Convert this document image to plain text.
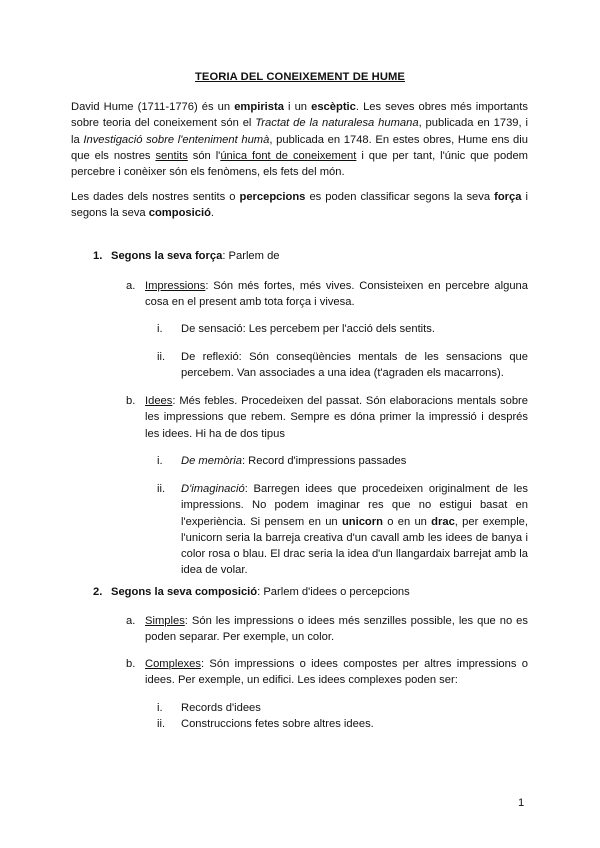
TEORIA DEL CONEIXEMENT DE HUME
David Hume (1711-1776) és un empirista i un escèptic. Les seves obres més importants sobre teoria del coneixement són el Tractat de la naturalesa humana, publicada en 1739, i la Investigació sobre l'enteniment humà, publicada en 1748. En estes obres, Hume ens diu que els nostres sentits són l'única font de coneixement i que per tant, l'únic que podem percebre i conèixer són els fenòmens, els fets del món.
Les dades dels nostres sentits o percepcions es poden classificar segons la seva força i segons la seva composició.
1. Segons la seva força: Parlem de
a. Impressions: Són més fortes, més vives. Consisteixen en percebre alguna cosa en el present amb tota força i vivesa.
i. De sensació: Les percebem per l'acció dels sentits.
ii. De reflexió: Són conseqüències mentals de les sensacions que percebem. Van associades a una idea (t'agraden els macarrons).
b. Idees: Més febles. Procedeixen del passat. Són elaboracions mentals sobre les impressions que rebem. Sempre es dóna primer la impressió i després les idees. Hi ha de dos tipus
i. De memòria: Record d'impressions passades
ii. D'imaginació: Barregen idees que procedeixen originalment de les impressions. No podem imaginar res que no estigui basat en l'experiència. Si pensem en un unicorn o en un drac, per exemple, l'unicorn seria la barreja creativa d'un cavall amb les idees de banya i color rosa o blau. El drac seria la idea d'un llangardaix barrejat amb la idea de volar.
2. Segons la seva composició: Parlem d'idees o percepcions
a. Simples: Són les impressions o idees més senzilles possible, les que no es poden separar. Per exemple, un color.
b. Complexes: Són impressions o idees compostes per altres impressions o idees. Per exemple, un edifici. Les idees complexes poden ser:
i. Records d'idees
ii. Construccions fetes sobre altres idees.
1
